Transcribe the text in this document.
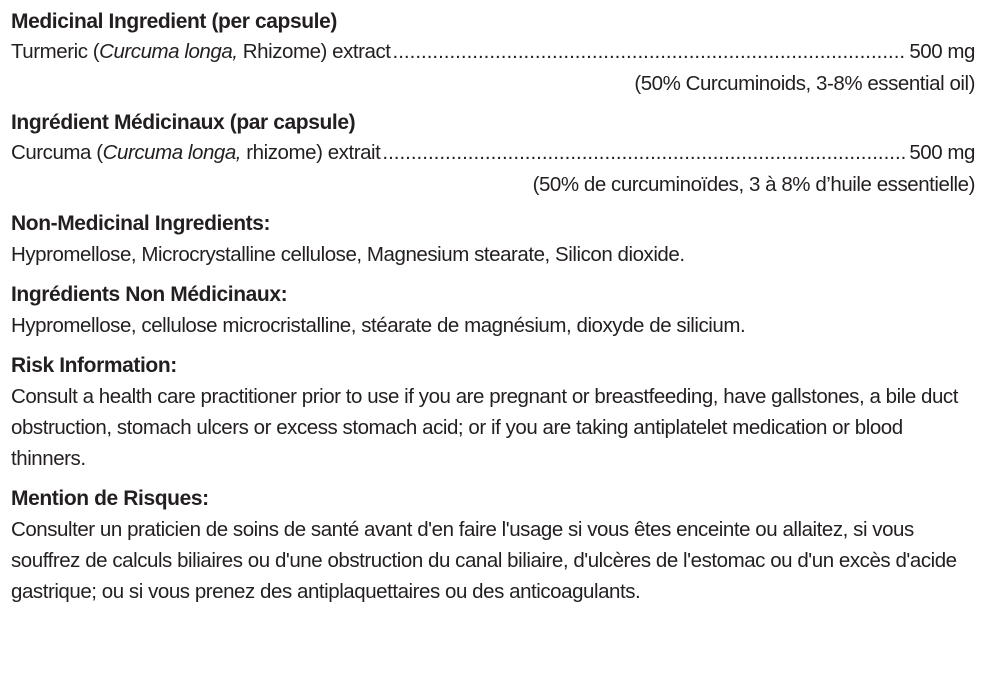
Medicinal Ingredient (per capsule)
Turmeric (Curcuma longa, Rhizome) extract .....	500 mg
(50% Curcuminoids, 3-8% essential oil)
Ingrédient Médicinaux (par capsule)
Curcuma (Curcuma longa, rhizome) extrait .....	500 mg
(50% de curcuminoïdes, 3 à 8% d’huile essentielle)
Non-Medicinal Ingredients:
Hypromellose, Microcrystalline cellulose, Magnesium stearate, Silicon dioxide.
Ingrédients Non Médicinaux:
Hypromellose, cellulose microcristalline, stéarate de magnésium, dioxyde de silicium.
Risk Information:
Consult a health care practitioner prior to use if you are pregnant or breastfeeding, have gallstones, a bile duct obstruction, stomach ulcers or excess stomach acid; or if you are taking antiplatelet medication or blood thinners.
Mention de Risques:
Consulter un praticien de soins de santé avant d'en faire l'usage si vous êtes enceinte ou allaitez, si vous souffrez de calculs biliaires ou d'une obstruction du canal biliaire, d'ulcères de l'estomac ou d'un excès d'acide gastrique; ou si vous prenez des antiplaquettaires ou des anticoagulants.
